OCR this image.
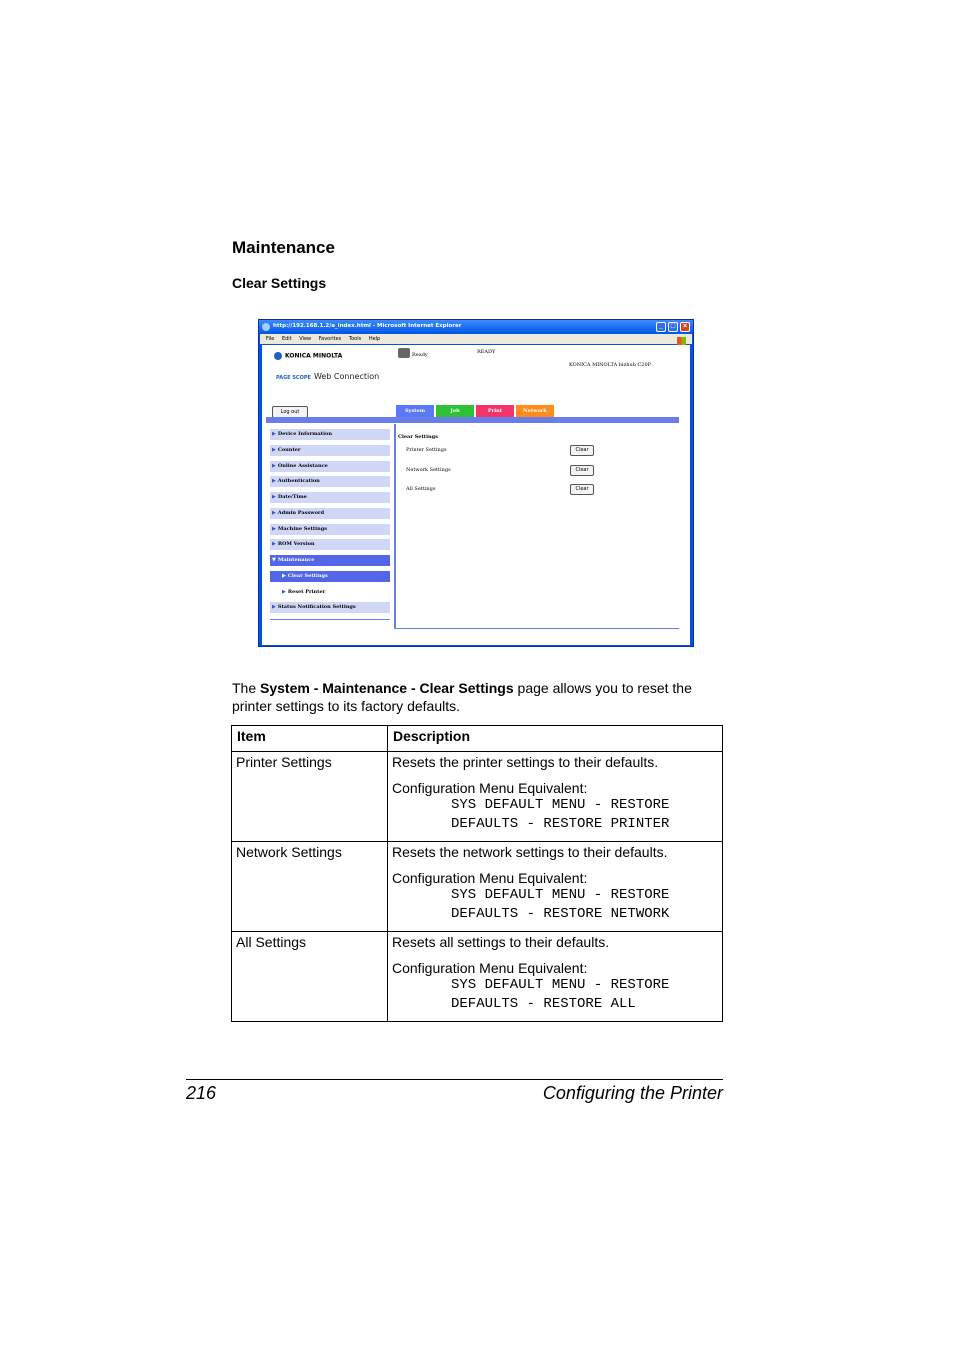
Maintenance
Clear Settings
http://192.168.1.2/a_index.html - Microsoft Internet Explorer	_	□	×
File Edit View Favorites Tools Help
KONICA MINOLTA
PAGE SCOPE Web Connection
Ready	READY
KONICA MINOLTA bizhub C20P
Log out	System	Job	Print	Network
▶ Device Information
▶ Counter
▶ Online Assistance
▶ Authentication
▶ Date/Time
▶ Admin Password
▶ Machine Settings
▶ ROM Version
▼ Maintenance
▶ Clear Settings
▶ Reset Printer
▶ Status Notification Settings
Clear Settings
Printer Settings	Clear
Network Settings	Clear
All Settings	Clear
The System - Maintenance - Clear Settings page allows you to reset the printer settings to its factory defaults.
Item	Description
Printer Settings	Resets the printer settings to their defaults.
Configuration Menu Equivalent:
SYS DEFAULT MENU - RESTORE
DEFAULTS - RESTORE PRINTER

Network Settings	Resets the network settings to their defaults.
Configuration Menu Equivalent:
SYS DEFAULT MENU - RESTORE
DEFAULTS - RESTORE NETWORK

All Settings	Resets all settings to their defaults.
Configuration Menu Equivalent:
SYS DEFAULT MENU - RESTORE
DEFAULTS - RESTORE ALL
216	Configuring the Printer
